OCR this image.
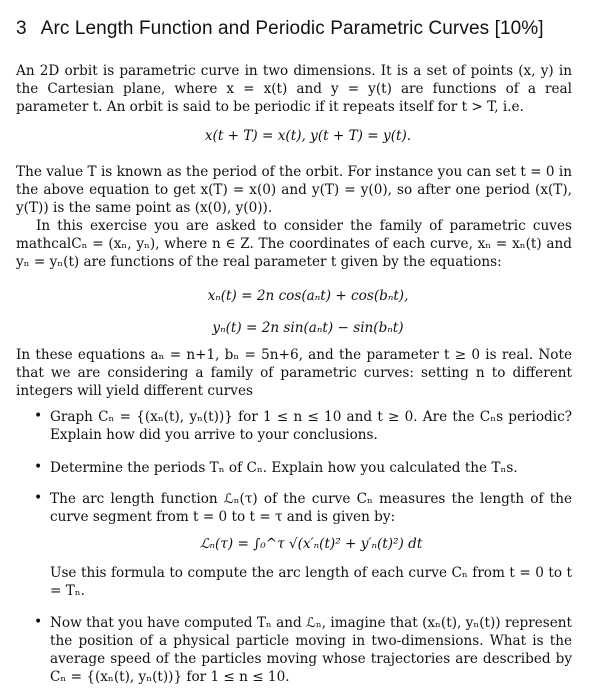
3 Arc Length Function and Periodic Parametric Curves [10%]

An 2D orbit is parametric curve in two dimensions. It is a set of points (x, y) in the Cartesian plane, where x = x(t) and y = y(t) are functions of a real parameter t. An orbit is said to be periodic if it repeats itself for t > T, i.e.

x(t + T) = x(t), y(t + T) = y(t).

The value T is known as the period of the orbit. For instance you can set t = 0 in the above equation to get x(T) = x(0) and y(T) = y(0), so after one period (x(T), y(T)) is the same point as (x(0), y(0)).

In this exercise you are asked to consider the family of parametric cuves mathcalCₙ = (xₙ, yₙ), where n ∈ Z. The coordinates of each curve, xₙ = xₙ(t) and yₙ = yₙ(t) are functions of the real parameter t given by the equations:

xₙ(t) = 2n cos(aₙt) + cos(bₙt),
yₙ(t) = 2n sin(aₙt) − sin(bₙt)

In these equations aₙ = n+1, bₙ = 5n+6, and the parameter t ≥ 0 is real. Note that we are considering a family of parametric curves: setting n to different integers will yield different curves

• Graph Cₙ = {(xₙ(t), yₙ(t))} for 1 ≤ n ≤ 10 and t ≥ 0. Are the Cₙs periodic? Explain how did you arrive to your conclusions.

• Determine the periods Tₙ of Cₙ. Explain how you calculated the Tₙs.

• The arc length function ℒₙ(τ) of the curve Cₙ measures the length of the curve segment from t = 0 to t = τ and is given by:

ℒₙ(τ) = ∫₀^τ √(x′ₙ(t)² + y′ₙ(t)²) dt

Use this formula to compute the arc length of each curve Cₙ from t = 0 to t = Tₙ.

• Now that you have computed Tₙ and ℒₙ, imagine that (xₙ(t), yₙ(t)) represent the position of a physical particle moving in two-dimensions. What is the average speed of the particles moving whose trajectories are described by Cₙ = {(xₙ(t), yₙ(t))} for 1 ≤ n ≤ 10.
